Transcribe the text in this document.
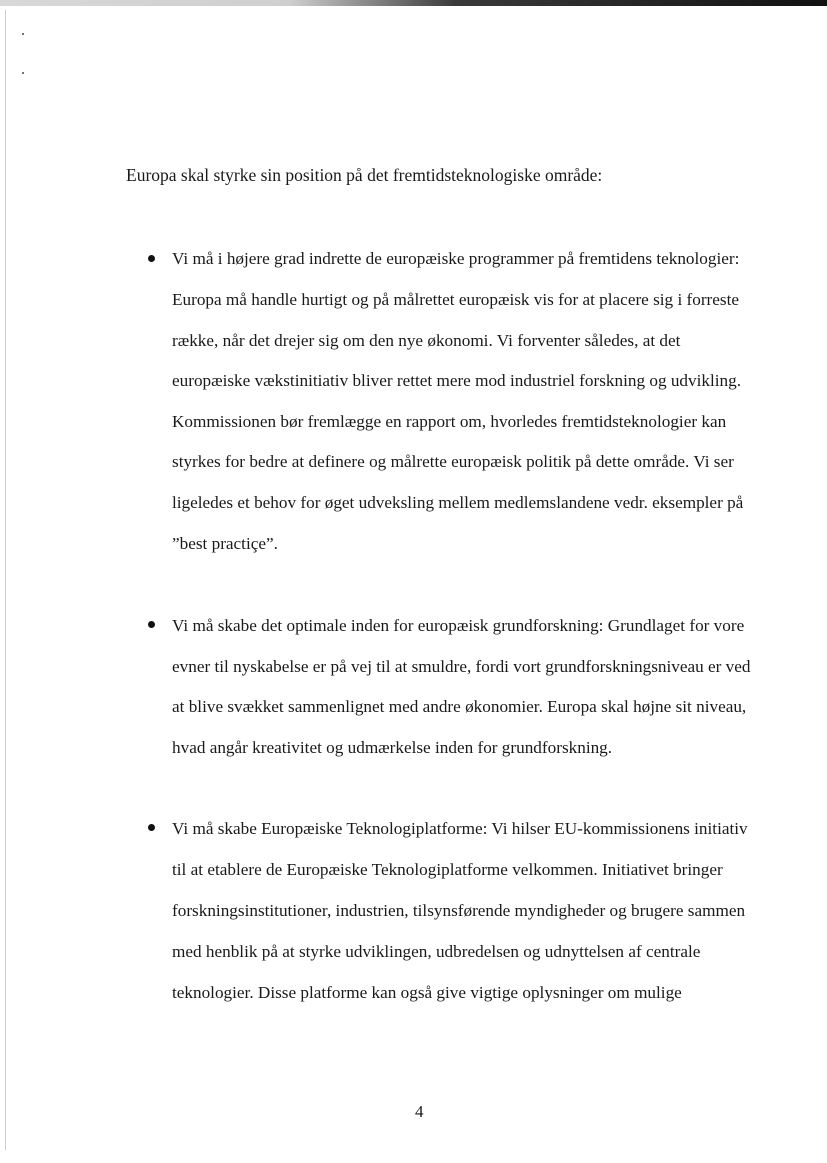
Europa skal styrke sin position på det fremtidsteknologiske område:
Vi må i højere grad indrette de europæiske programmer på fremtidens teknologier:
Europa må handle hurtigt og på målrettet europæisk vis for at placere sig i forreste
række, når det drejer sig om den nye økonomi. Vi forventer således, at det
europæiske vækstinitiativ bliver rettet mere mod industriel forskning og udvikling.
Kommissionen bør fremlægge en rapport om, hvorledes fremtidsteknologier kan
styrkes for bedre at definere og målrette europæisk politik på dette område. Vi ser
ligeledes et behov for øget udveksling mellem medlemslandene vedr. eksempler på
”best practiçe”.
Vi må skabe det optimale inden for europæisk grundforskning: Grundlaget for vore
evner til nyskabelse er på vej til at smuldre, fordi vort grundforskningsniveau er ved
at blive svækket sammenlignet med andre økonomier. Europa skal højne sit niveau,
hvad angår kreativitet og udmærkelse inden for grundforskning.
Vi må skabe Europæiske Teknologiplatforme: Vi hilser EU-kommissionens initiativ
til at etablere de Europæiske Teknologiplatforme velkommen. Initiativet bringer
forskningsinstitutioner, industrien, tilsynsførende myndigheder og brugere sammen
med henblik på at styrke udviklingen, udbredelsen og udnyttelsen af centrale
teknologier. Disse platforme kan også give vigtige oplysninger om mulige
4
